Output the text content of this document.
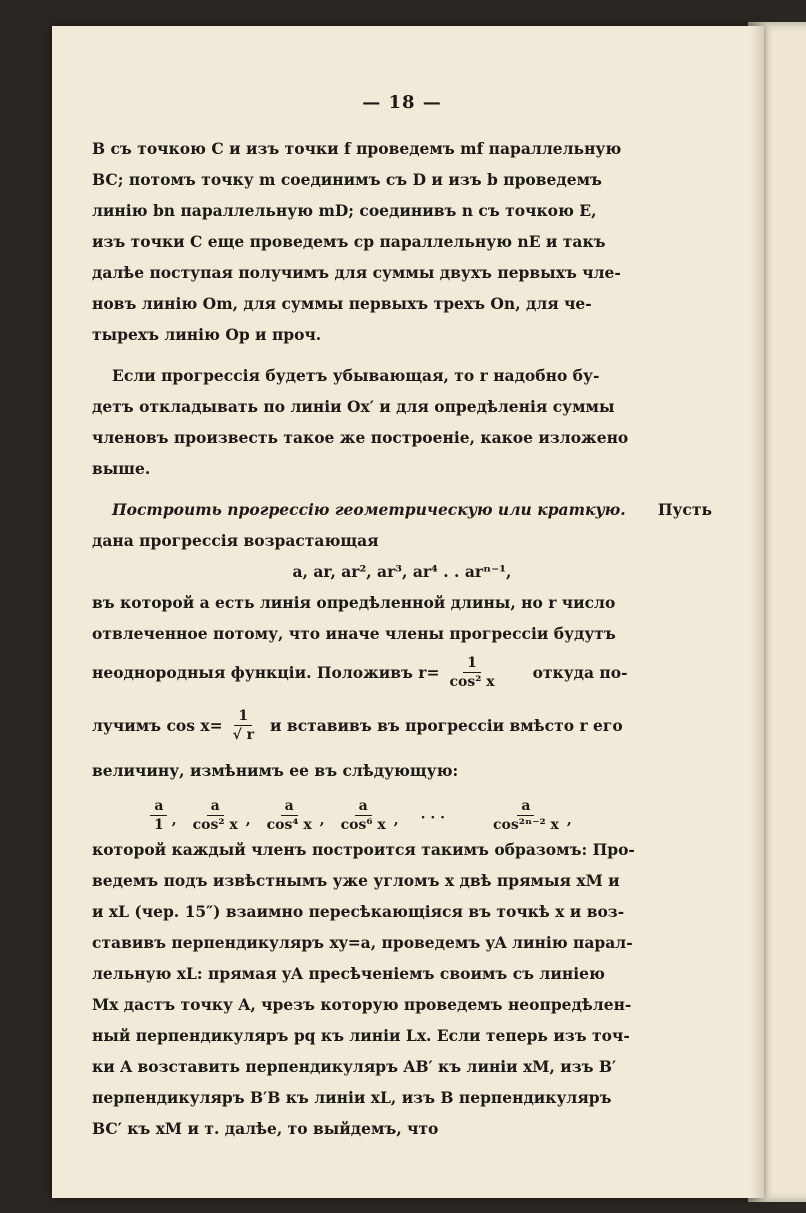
— 18 —
В съ точкою С и изъ точки f проведемъ mf параллельную
BC; потомъ точку m соединимъ съ D и изъ b проведемъ
линію bn параллельную mD; соединивъ n съ точкою Е,
изъ точки C еще проведемъ ср параллельную nE и такъ
далѣе поступая получимъ для суммы двухъ первыхъ чле-
новъ линію Om, для суммы первыхъ трехъ On, для че-
тырехъ линію Ор и проч.
Если прогрессія будетъ убывающая, то r надобно бу-
детъ откладывать по линіи Ox′ и для опредѣленія суммы
членовъ произвесть такое же построеніе, какое изложено
выше.
Построить прогрессію геометрическую или краткую. Пусть
дана прогрессія возрастающая
a, ar, ar², ar³, ar⁴ . . arⁿ⁻¹,
въ которой a есть линія опредѣленной длины, но r число
отвлеченное потому, что иначе члены прогрессіи будутъ
неоднородныя функціи. Положивъ $r= \frac{1}{\text{cos² x}}$ откуда по-
лучимъ $\cos x= \frac{1}{√ r}$ и вставивъ въ прогрессіи вмѣсто r его
величину, измѣнимъ ее въ слѣдующую:
$\frac{a}{1}$ , $\frac{a}{\text{cos² x}}$ , $\frac{a}{\text{cos⁴ x}}$ , $\frac{a}{\text{cos⁶ x}}$ , · · ·	$\frac{a}{\text{cos²ⁿ⁻² x}}$ ,
которой каждый членъ построится такимъ образомъ: Про-
ведемъ подъ извѣстнымъ уже угломъ x двѣ прямыя xM и
и xL (чер. 15″) взаимно пересѣкающіяся въ точкѣ x и воз-
ставивъ перпендикуляръ xy=a, проведемъ yA линію парал-
лельную xL: прямая yA пресѣченіемъ своимъ съ линіею
Mx дастъ точку A, чрезъ которую проведемъ неопредѣлен-
ный перпендикуляръ pq къ линіи Lx. Если теперь изъ точ-
ки A возставить перпендикуляръ AB′ къ линіи xM, изъ B′
перпендикуляръ B′B къ линіи xL, изъ B перпендикуляръ
BC′ къ xM и т. далѣе, то выйдемъ, что
